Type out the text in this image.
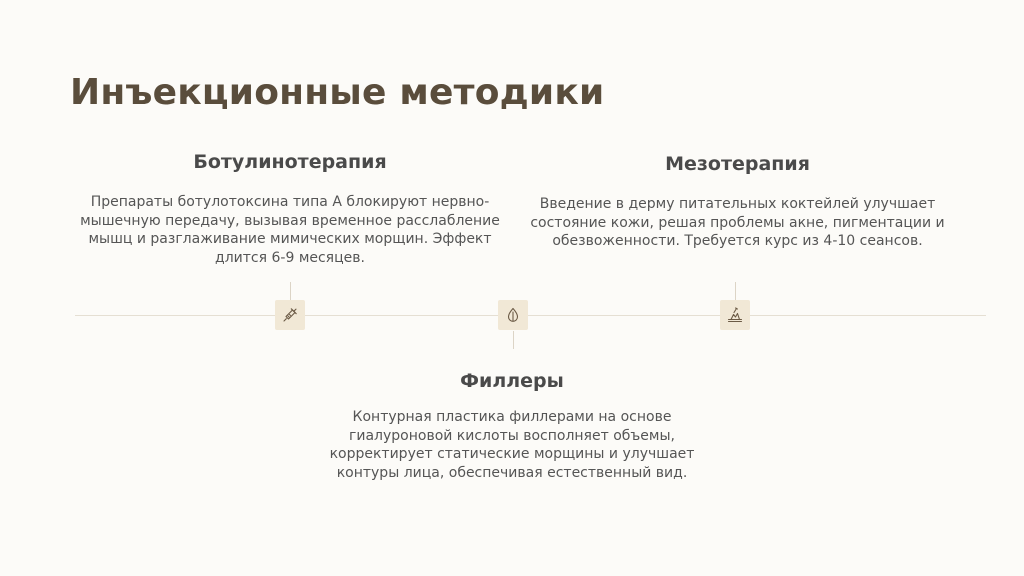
Инъекционные методики
Ботулинотерапия

Препараты ботулотоксина типа А блокируют нервно-мышечную передачу, вызывая временное расслабление мышц и разглаживание мимических морщин. Эффект длится 6-9 месяцев.

Мезотерапия

Введение в дерму питательных коктейлей улучшает состояние кожи, решая проблемы акне, пигментации и обезвоженности. Требуется курс из 4-10 сеансов.

Филлеры

Контурная пластика филлерами на основе гиалуроновой кислоты восполняет объемы, корректирует статические морщины и улучшает контуры лица, обеспечивая естественный вид.
